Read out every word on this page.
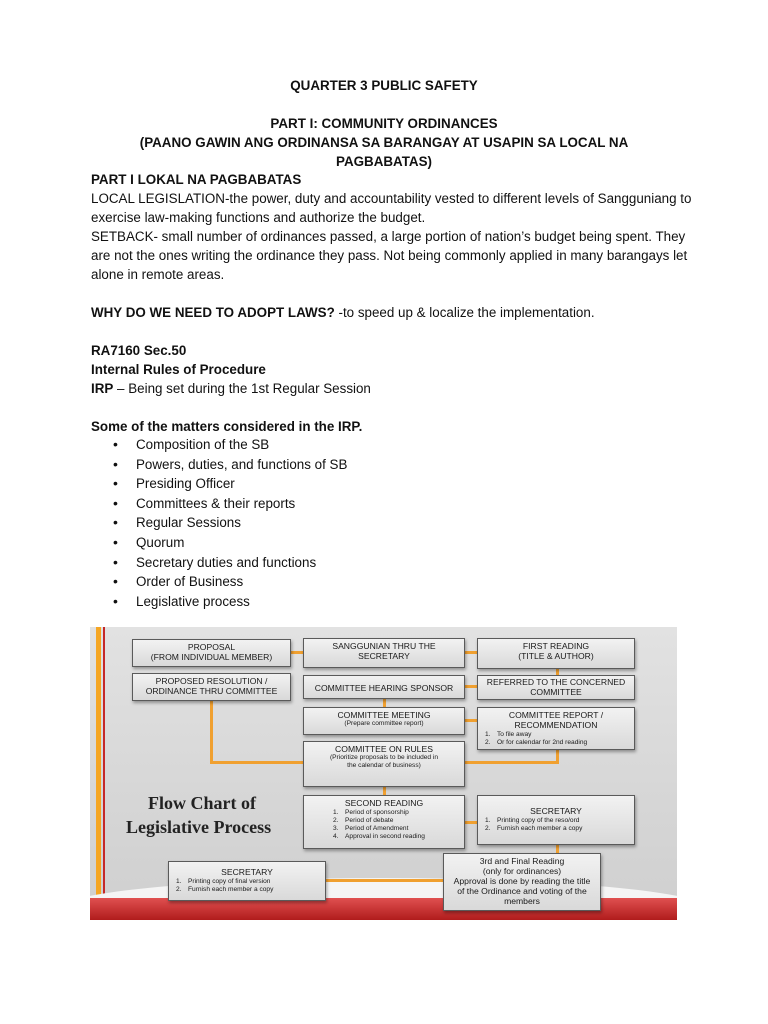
QUARTER 3 PUBLIC SAFETY

PART I: COMMUNITY ORDINANCES

(PAANO GAWIN ANG ORDINANSA SA BARANGAY AT USAPIN SA LOCAL NA PAGBABATAS)

PART I LOKAL NA PAGBABATAS

LOCAL LEGISLATION-the power, duty and accountability vested to different levels of Sangguniang to exercise law-making functions and authorize the budget.

SETBACK- small number of ordinances passed, a large portion of nation’s budget being spent. They are not the ones writing the ordinance they pass. Not being commonly applied in many barangays let alone in remote areas.

WHY DO WE NEED TO ADOPT LAWS? -to speed up & localize the implementation.

RA7160 Sec.50

Internal Rules of Procedure

IRP – Being set during the 1st Regular Session

Some of the matters considered in the IRP.

• Composition of the SB
• Powers, duties, and functions of SB
• Presiding Officer
• Committees & their reports
• Regular Sessions
• Quorum
• Secretary duties and functions
• Order of Business
• Legislative process
PROPOSAL
(FROM INDIVIDUAL MEMBER)
PROPOSED RESOLUTION /
ORDINANCE THRU COMMITTEE
SANGGUNIAN THRU THE
SECRETARY
COMMITTEE HEARING SPONSOR
COMMITTEE MEETING
(Prepare committee report)
COMMITTEE ON RULES
(Prioritize proposals to be included in
the calendar of business)
SECOND READING
1. Period of sponsorship
2. Period of debate
3. Period of Amendment
4. Approval in second reading
FIRST READING
(TITLE & AUTHOR)
REFERRED TO THE CONCERNED
COMMITTEE
COMMITTEE REPORT /
RECOMMENDATION
1. To file away
2. Or for calendar for 2nd reading
SECRETARY
1. Printing copy of the reso/ord
2. Furnish each member a copy
3rd and Final Reading
(only for ordinances)
Approval is done by reading the title
of the Ordinance and voting of the
members
SECRETARY
1. Printing copy of final version
2. Furnish each member a copy
Flow Chart of
Legislative Process
